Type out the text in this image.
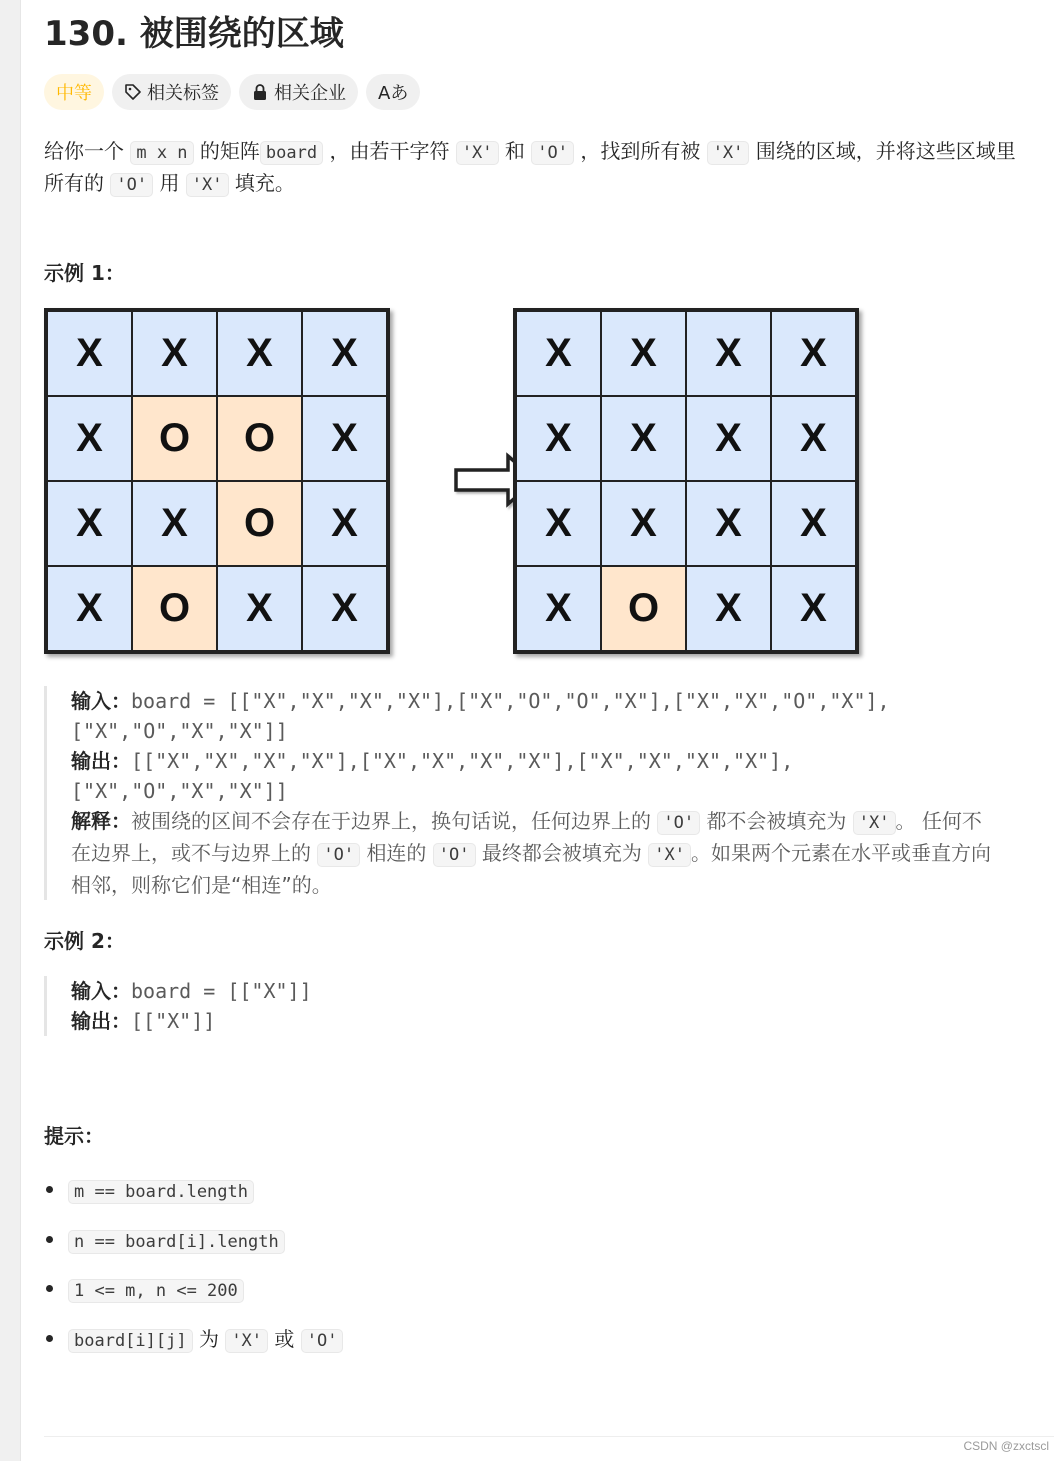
130. 被围绕的区域
中等	相关标签	相关企业	Aあ
给你一个 m x n 的矩阵 board ，由若干字符 'X' 和 'O' ，找到所有被 'X' 围绕的区域，并将这些区域里
所有的 'O' 用 'X' 填充。
示例 1：
X	X	X	X
X	O	O	X
X	X	O	X
X	O	X	X
X	X	X	X
X	X	X	X
X	X	X	X
X	O	X	X
输入：board = [["X","X","X","X"],["X","O","O","X"],["X","X","O","X"],
["X","O","X","X"]]
输出：[["X","X","X","X"],["X","X","X","X"],["X","X","X","X"],
["X","O","X","X"]]
解释：被围绕的区间不会存在于边界上，换句话说，任何边界上的 'O' 都不会被填充为 'X' 。 任何不
在边界上，或不与边界上的 'O' 相连的 'O' 最终都会被填充为 'X' 。如果两个元素在水平或垂直方向
相邻，则称它们是“相连”的。
示例 2：
输入：board = [["X"]]
输出：[["X"]]
提示：
m == board.length
n == board[i].length
1 <= m, n <= 200
board[i][j] 为 'X' 或 'O'
CSDN @zxctscl
